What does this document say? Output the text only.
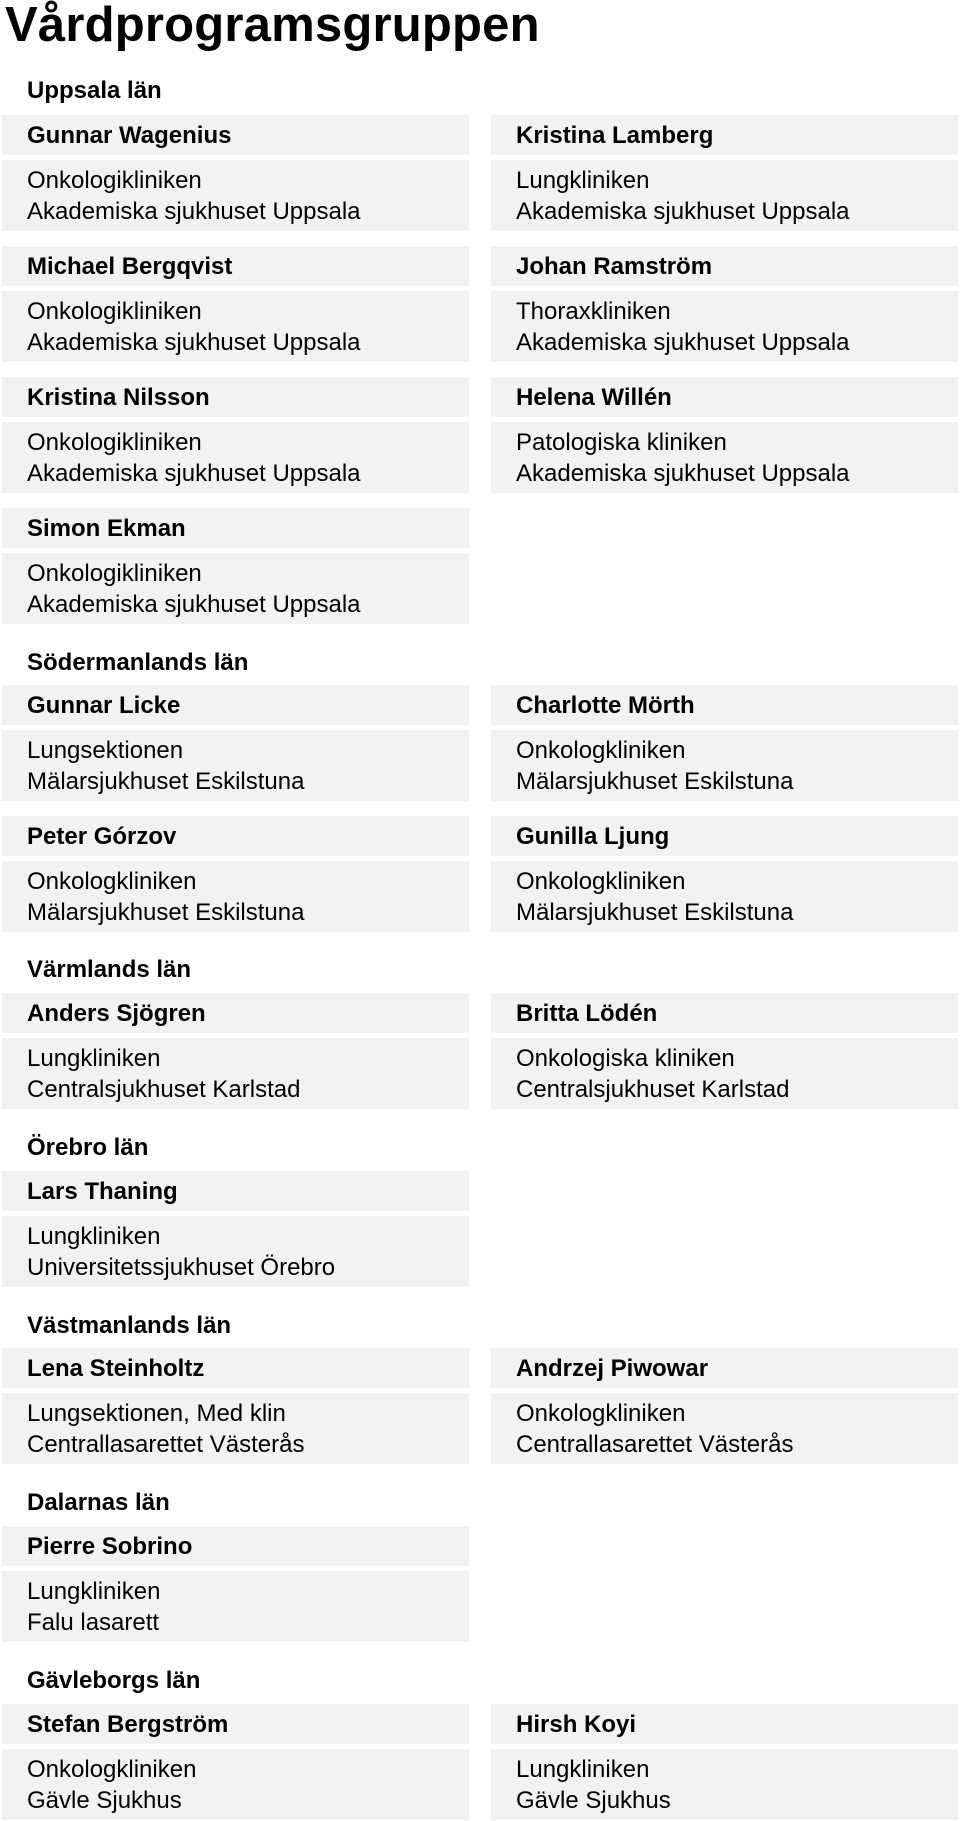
Vårdprogramsgruppen
Uppsala län
Gunnar Wagenius
Onkologikliniken
Akademiska sjukhuset Uppsala
Kristina Lamberg
Lungkliniken
Akademiska sjukhuset Uppsala
Michael Bergqvist
Onkologikliniken
Akademiska sjukhuset Uppsala
Johan Ramström
Thoraxkliniken
Akademiska sjukhuset Uppsala
Kristina Nilsson
Onkologikliniken
Akademiska sjukhuset Uppsala
Helena Willén
Patologiska kliniken
Akademiska sjukhuset Uppsala
Simon Ekman
Onkologikliniken
Akademiska sjukhuset Uppsala
Södermanlands län
Gunnar Licke
Lungsektionen
Mälarsjukhuset Eskilstuna
Charlotte Mörth
Onkologkliniken
Mälarsjukhuset Eskilstuna
Peter Górzov
Onkologkliniken
Mälarsjukhuset Eskilstuna
Gunilla Ljung
Onkologkliniken
Mälarsjukhuset Eskilstuna
Värmlands län
Anders Sjögren
Lungkliniken
Centralsjukhuset Karlstad
Britta Lödén
Onkologiska kliniken
Centralsjukhuset Karlstad
Örebro län
Lars Thaning
Lungkliniken
Universitetssjukhuset Örebro
Västmanlands län
Lena Steinholtz
Lungsektionen, Med klin
Centrallasarettet Västerås
Andrzej Piwowar
Onkologkliniken
Centrallasarettet Västerås
Dalarnas län
Pierre Sobrino
Lungkliniken
Falu lasarett
Gävleborgs län
Stefan Bergström
Onkologkliniken
Gävle Sjukhus
Hirsh Koyi
Lungkliniken
Gävle Sjukhus
